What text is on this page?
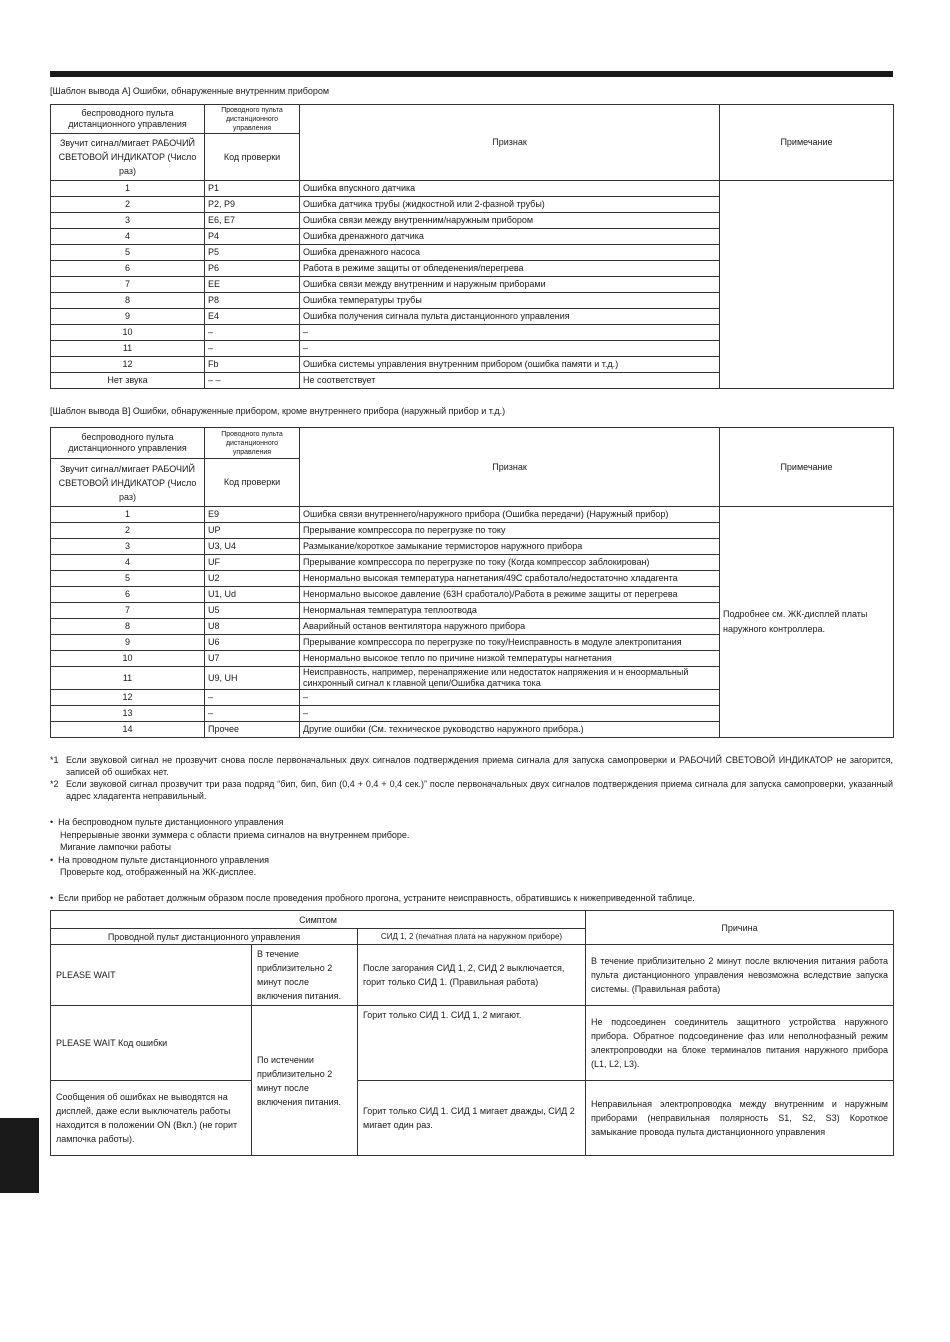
[Шаблон вывода A] Ошибки, обнаруженные внутренним прибором
беспроводного пульта дистанционного управления	Проводного пульта дистанционного управления	Признак	Примечание
Звучит сигнал/мигает РАБОЧИЙ СВЕТОВОЙ ИНДИКАТОР (Число раз)	Код проверки		
1	P1	Ошибка впускного датчика	
2	P2, P9	Ошибка датчика трубы (жидкостной или 2-фазной трубы)	
3	E6, E7	Ошибка связи между внутренним/наружным прибором	
4	P4	Ошибка дренажного датчика	
5	P5	Ошибка дренажного насоса	
6	P6	Работа в режиме защиты от обледенения/перегрева	
7	EE	Ошибка связи между внутренним и наружным приборами	
8	P8	Ошибка температуры трубы	
9	E4	Ошибка получения сигнала пульта дистанционного управления	
10	–	–	
11	–	–	
12	Fb	Ошибка системы управления внутренним прибором (ошибка памяти и т.д.)	
Нет звука	– –	Не соответствует	
[Шаблон вывода B] Ошибки, обнаруженные прибором, кроме внутреннего прибора (наружный прибор и т.д.)
беспроводного пульта дистанционного управления	Проводного пульта дистанционного управления	Признак	Примечание
Звучит сигнал/мигает РАБОЧИЙ СВЕТОВОЙ ИНДИКАТОР (Число раз)	Код проверки		
1	E9	Ошибка связи внутреннего/наружного прибора (Ошибка передачи) (Наружный прибор)	Подробнее см. ЖК-дисплей платы наружного контроллера.
2	UP	Прерывание компрессора по перегрузке по току	
3	U3, U4	Размыкание/короткое замыкание термисторов наружного прибора	
4	UF	Прерывание компрессора по перегрузке по току (Когда компрессор заблокирован)	
5	U2	Ненормально высокая температура нагнетания/49C сработало/недостаточно хладагента	
6	U1, Ud	Ненормально высокое давление (63H сработало)/Работа в режиме защиты от перегрева	
7	U5	Ненормальная температура теплоотвода	
8	U8	Аварийный останов вентилятора наружного прибора	
9	U6	Прерывание компрессора по перегрузке по току/Неисправность в модуле электропитания	
10	U7	Ненормально высокое тепло по причине низкой температуры нагнетания	
11	U9, UH	Неисправность, например, перенапряжение или недостаток напряжения и н еноормальный синхронный сигнал к главной цепи/Ошибка датчика тока	
12	–	–	
13	–	–	
14	Прочее	Другие ошибки (См. техническое руководство наружного прибора.)	
*1 Если звуковой сигнал не прозвучит снова после первоначальных двух сигналов подтверждения приема сигнала для запуска самопроверки и РАБОЧИЙ СВЕТОВОЙ ИНДИКАТОР не загорится, записей об ошибках нет.
*2 Если звуковой сигнал прозвучит три раза подряд “бип, бип, бип (0,4 + 0,4 + 0,4 сек.)” после первоначальных двух сигналов подтверждения приема сигнала для запуска самопроверки, указанный адрес хладагента неправильный.
•  На беспроводном пульте дистанционного управления
Непрерывные звонки зуммера с области приема сигналов на внутреннем приборе.
Мигание лампочки работы
•  На проводном пульте дистанционного управления
Проверьте код, отображенный на ЖК-дисплее.
•  Если прибор не работает должным образом после проведения пробного прогона, устраните неисправность, обратившись к нижеприведенной таблице.
Симптом			Причина
Проводной пульт дистанционного управления		СИД 1, 2 (печатная плата на наружном приборе)	
PLEASE WAIT	В течение приблизительно 2 минут после включения питания.	После загорания СИД 1, 2, СИД 2 выключается, горит только СИД 1. (Правильная работа)	В течение приблизительно 2 минут после включения питания работа пульта дистанционного управления невозможна вследствие запуска системы. (Правильная работа)
PLEASE WAIT Код ошибки	По истечении приблизительно 2 минут после включения питания.	Горит только СИД 1. СИД 1, 2 мигают.	Не подсоединен соединитель защитного устройства наружного прибора. Обратное подсоединение фаз или неполнофазный режим электропроводки на блоке терминалов питания наружного прибора (L1, L2, L3).
Сообщения об ошибках не выводятся на дисплей, даже если выключатель работы находится в положении ON (Вкл.) (не горит лампочка работы).		Горит только СИД 1. СИД 1 мигает дважды, СИД 2 мигает один раз.	Неправильная электропроводка между внутренним и наружным приборами (неправильная полярность S1, S2, S3) Короткое замыкание провода пульта дистанционного управления
